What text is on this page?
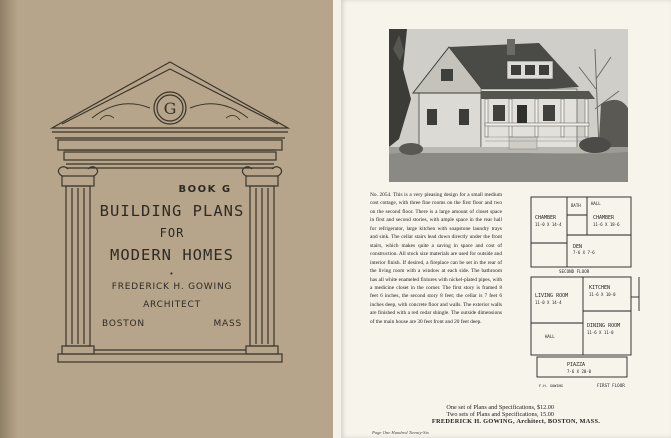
G
BOOK G
BUILDING PLANS
FOR
MODERN HOMES
•
FREDERICK H. GOWING
ARCHITECT
BOSTON	MASS
No. 2054. This is a very pleasing design for a small medium cost cottage, with three fine rooms on the first floor and two on the second floor. There is a large amount of closet space in first and second stories, with ample space in the rear hall for refrigerator, large kitchen with soapstone laundry trays and sink. The cellar stairs lead down directly under the front stairs, which makes quite a saving in space and cost of construction. All stock size materials are used for outside and interior finish. If desired, a fireplace can be set in the rear of the living room with a window at each side. The bathroom has all white enameled fixtures with nickel-plated pipes, with a medicine closet in the corner. The first story is framed 8 feet 6 inches, the second story 8 feet; the cellar is 7 feet 6 inches deep, with concrete floor and walls. The exterior walls are finished with a red cedar shingle. The outside dimensions of the main house are 30 feet front and 20 feet deep.
CHAMBER
11-0 X 14-4
CHAMBER
11-6 X 18-6
DEN
7-6 X 7-6
BATH	HALL
SECOND FLOOR
LIVING ROOM
11-0 X 14-4
KITCHEN
11-6 X 10-0
DINING ROOM
11-6 X 11-0
HALL
PIAZZA
7-6 X 20-0
F.H. GOWING	FIRST FLOOR
One set of Plans and Specifications, $12.00
Two sets of Plans and Specifications, 15.00
FREDERICK H. GOWING, Architect, BOSTON, MASS.
Page One Hundred Twenty-Six
